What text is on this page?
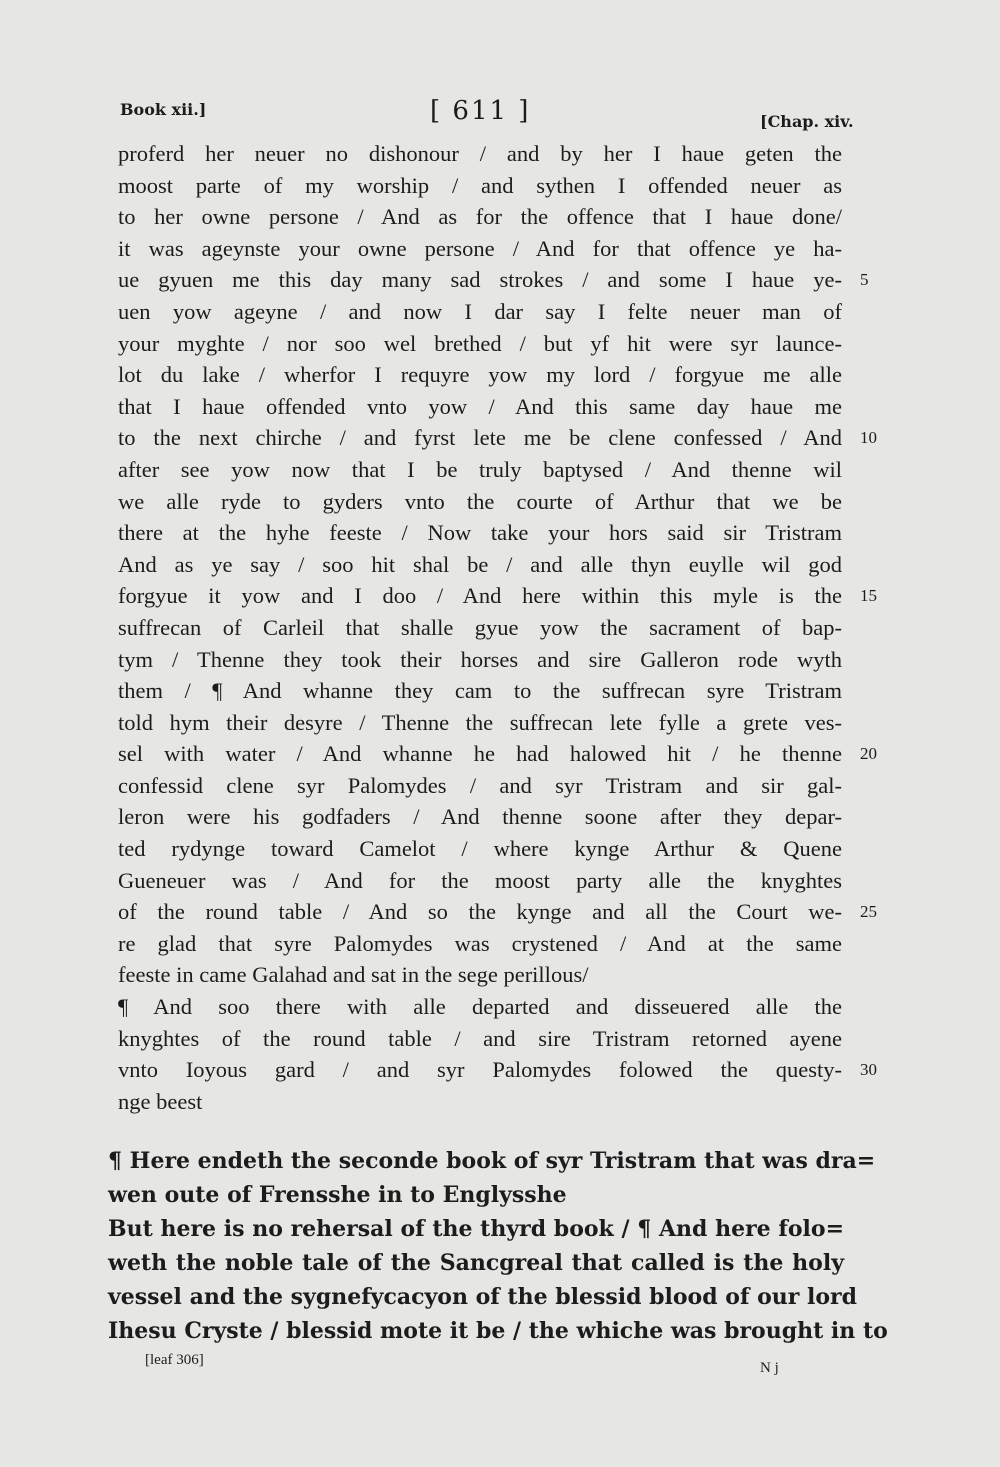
Book xii.]	[ 611 ]	[Chap. xiv.
proferd her neuer no dishonour / and by her I haue geten the
moost parte of my worship / and sythen I offended neuer as
to her owne persone / And as for the offence that I haue done/
it was ageynste your owne persone / And for that offence ye ha-
ue gyuen me this day many sad strokes / and some I haue ye- 5
uen yow ageyne / and now I dar say I felte neuer man of
your myghte / nor soo wel brethed / but yf hit were syr launce-
lot du lake / wherfor I requyre yow my lord / forgyue me alle
that I haue offended vnto yow / And this same day haue me
to the next chirche / and fyrst lete me be clene confessed / And 10
after see yow now that I be truly baptysed / And thenne wil
we alle ryde to gyders vnto the courte of Arthur that we be
there at the hyhe feeste / Now take your hors said sir Tristram
And as ye say / soo hit shal be / and alle thyn euylle wil god
forgyue it yow and I doo / And here within this myle is the 15
suffrecan of Carleil that shalle gyue yow the sacrament of bap-
tym / Thenne they took their horses and sire Galleron rode wyth
them / ¶ And whanne they cam to the suffrecan syre Tristram
told hym their desyre / Thenne the suffrecan lete fylle a grete ves-
sel with water / And whanne he had halowed hit / he thenne 20
confessid clene syr Palomydes / and syr Tristram and sir gal-
leron were his godfaders / And thenne soone after they depar-
ted rydynge toward Camelot / where kynge Arthur & Quene
Gueneuer was / And for the moost party alle the knyghtes
of the round table / And so the kynge and all the Court we- 25
re glad that syre Palomydes was crystened / And at the same
feeste in came Galahad and sat in the sege perillous/
¶ And soo there with alle departed and disseuered alle the
knyghtes of the round table / and sire Tristram retorned ayene
vnto Ioyous gard / and syr Palomydes folowed the questy- 30
nge beest
¶ Here endeth the seconde book of syr Tristram that was dra=
wen oute of Frensshe in to Englysshe
But here is no rehersal of the thyrd book / ¶ And here folo=
weth the noble tale of the Sancgreal that called is the holy
vessel and the sygnefycacyon of the blessid blood of our lord
Ihesu Cryste / blessid mote it be / the whiche was brought in to
[leaf 306]	N j
